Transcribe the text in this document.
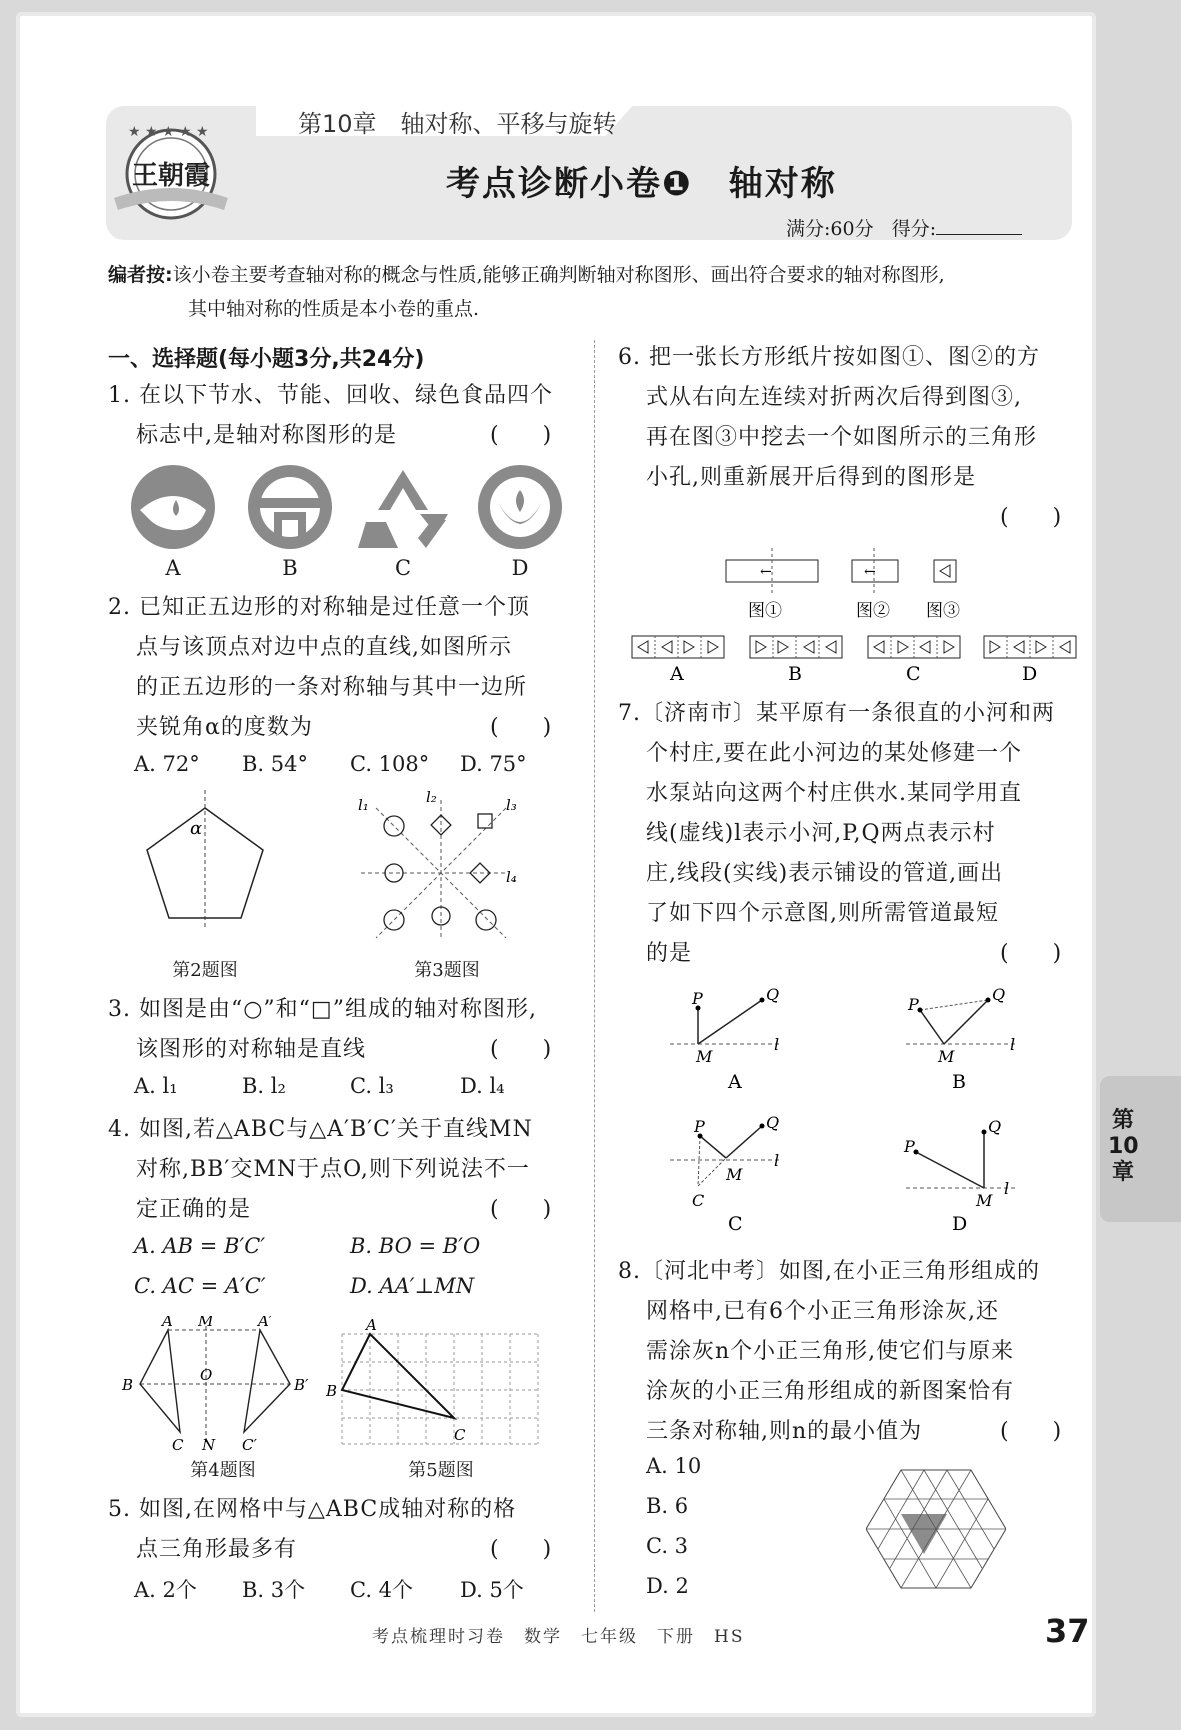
第10章　轴对称、平移与旋转
★ ★ ★ ★ ★
王朝霞	考点诊断小卷❶　轴对称
满分:60分 得分:
编者按:该小卷主要考查轴对称的概念与性质,能够正确判断轴对称图形、画出符合要求的轴对称图形,
其中轴对称的性质是本小卷的重点.
一、选择题(每小题3分,共24分)
1. 在以下节水、节能、回收、绿色食品四个
标志中,是轴对称图形的是	(　　)
A	B	C	D
2. 已知正五边形的对称轴是过任意一个顶
点与该顶点对边中点的直线,如图所示
的正五边形的一条对称轴与其中一边所
夹锐角α的度数为	(　　)
A. 72° B. 54° C. 108° D. 75°
α
第2题图
l₁	l₂	l₃
l₄
第3题图
3. 如图是由“○”和“□”组成的轴对称图形,
该图形的对称轴是直线	(　　)
A. l₁	B. l₂	C. l₃	D. l₄
4. 如图,若△ABC与△A′B′C′关于直线MN
对称,BB′交MN于点O,则下列说法不一
定正确的是	(　　)
A. AB = B′C′	B. BO = B′O
C. AC = A′C′	D. AA′⊥MN
A M	A′
B
O
B′
C N C′
第4题图
A
B
C
第5题图
5. 如图,在网格中与△ABC成轴对称的格
点三角形最多有	(　　)
A. 2个 B. 3个 C. 4个 D. 5个
6. 把一张长方形纸片按如图①、图②的方
式从右向左连续对折两次后得到图③,
再在图③中挖去一个如图所示的三角形
小孔,则重新展开后得到的图形是
(　　)
←	←
图①	图② 图③
A	B	C	D
7.〔济南市〕某平原有一条很直的小河和两
个村庄,要在此小河边的某处修建一个
水泵站向这两个村庄供水.某同学用直
线(虚线)l表示小河,P,Q两点表示村
庄,线段(实线)表示铺设的管道,画出
了如下四个示意图,则所需管道最短
的是	(　　)
P	Q
M
l
A
P
Q
M
l
B
P	Q
M
l
C
C
P
Q
M
l
D
8.〔河北中考〕如图,在小正三角形组成的
网格中,已有6个小正三角形涂灰,还
需涂灰n个小正三角形,使它们与原来
涂灰的小正三角形组成的新图案恰有
三条对称轴,则n的最小值为	(　　)
A. 10
B. 6
C. 3
D. 2
考点梳理时习卷　数学　七年级　下册　HS	37
第10章
